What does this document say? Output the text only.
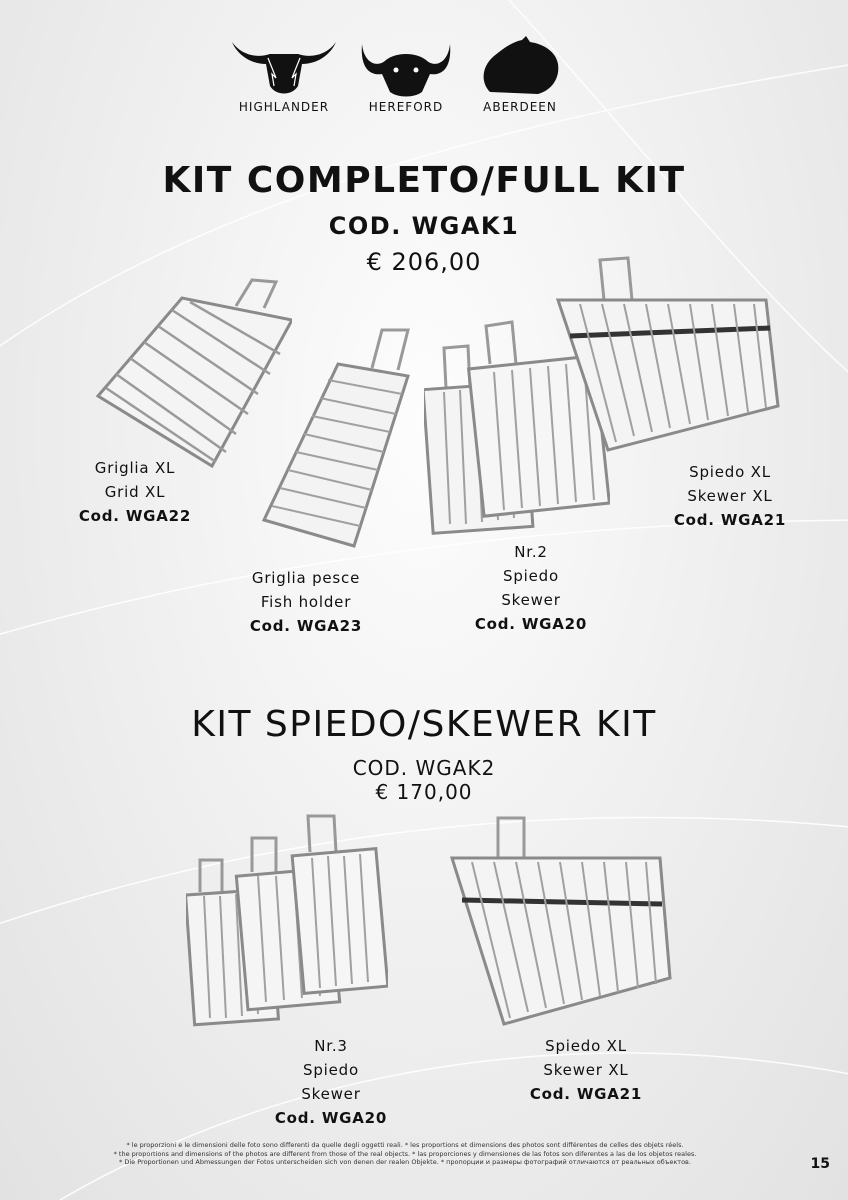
HIGHLANDER	HEREFORD	ABERDEEN
KIT COMPLETO/FULL KIT
COD. WGAK1
€ 206,00
Griglia XL
Grid XL
Cod. WGA22
Griglia pesce
Fish holder
Cod. WGA23
Nr.2
Spiedo
Skewer
Cod. WGA20
Spiedo XL
Skewer XL
Cod. WGA21
KIT SPIEDO/SKEWER KIT
COD. WGAK2
€ 170,00
Nr.3
Spiedo
Skewer
Cod. WGA20
Spiedo XL
Skewer XL
Cod. WGA21
* le proporzioni e le dimensioni delle foto sono differenti da quelle degli oggetti reali. * les proportions et dimensions des photos sont différentes de celles des objets réels.
* the proportions and dimensions of the photos are different from those of the real objects. * las proporciones y dimensiones de las fotos son diferentes a las de los objetos reales.
* Die Proportionen und Abmessungen der Fotos unterscheiden sich von denen der realen Objekte. * пропорции и размеры фотографий отличаются от реальных объектов.	15
